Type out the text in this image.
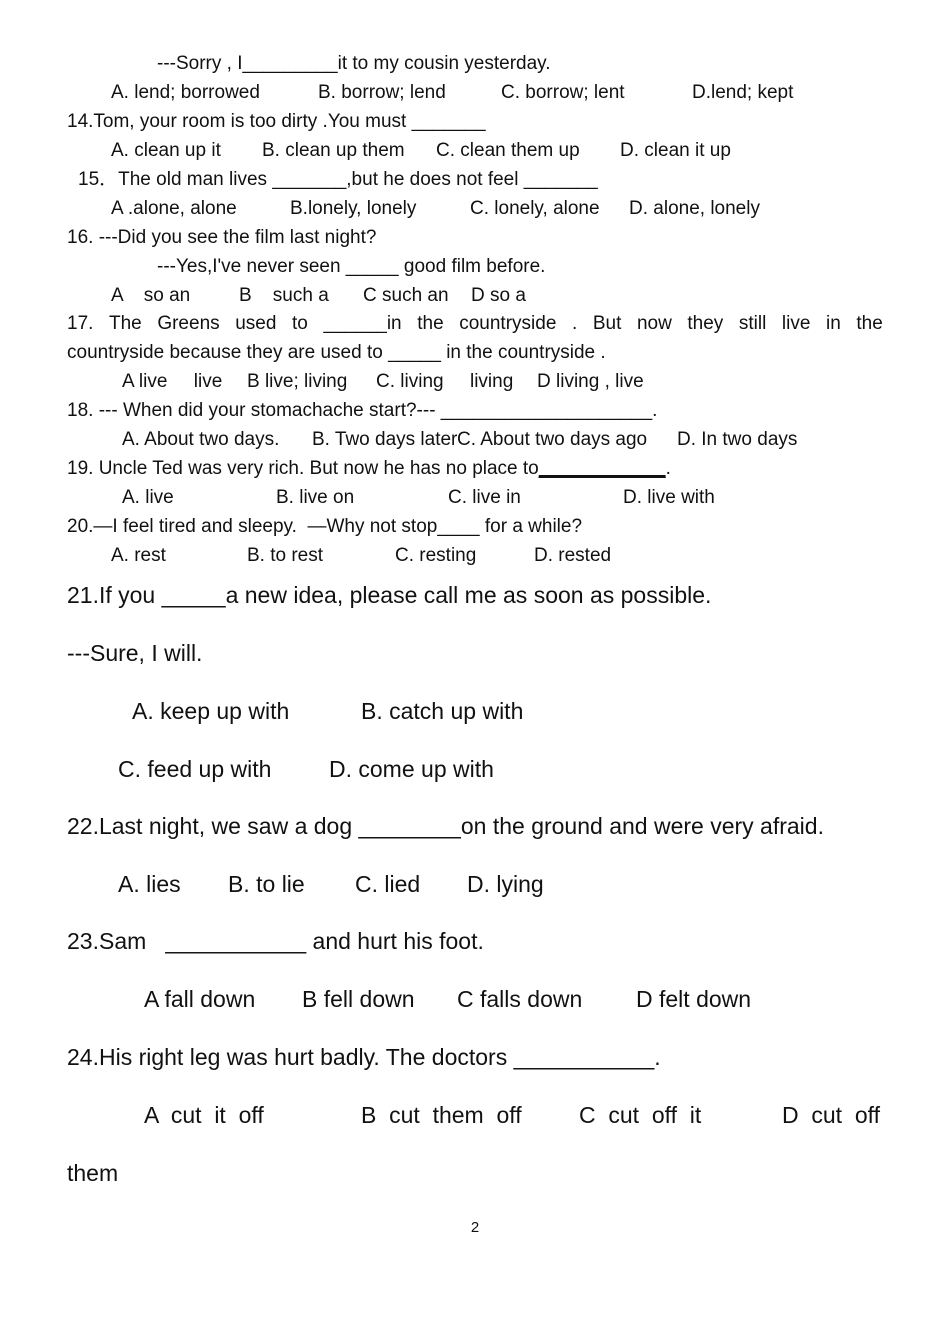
---Sorry , I_________it to my cousin yesterday.
A. lend; borrowed	B. borrow; lend	C. borrow; lent	D.lend; kept
14.Tom, your room is too dirty .You must _______
A. clean up it B. clean up them C. clean them up D. clean it up
15．The old man lives _______,but he does not feel _______
A .alone, alone	B.lonely, lonely	C. lonely, alone D. alone, lonely
16. ---Did you see the film last night?
---Yes,I've never seen _____ good film before.
A    so an	B    such a C such an D so a
17. The Greens used to ______in the countryside . But now they still live in the
countryside because they are used to _____ in the countryside .
A live     live B live; living C. living     living D living , live
18. --- When did your stomachache start?--- ____________________.
A. About two days. B. Two days later C. About two days ago D. In two days
19. Uncle Ted was very rich. But now he has no place to____________.
A. live	B. live on	C. live in	D. live with
20.—I feel tired and sleepy.  —Why not stop____ for a while?
A. rest	B. to rest	C. resting	D. rested
21.If you _____a new idea, please call me as soon as possible.
---Sure, I will.
A. keep up with	B. catch up with
C. feed up with	D. come up with
22.Last night, we saw a dog ________on the ground and were very afraid.
A. lies B. to lie C. lied D. lying
23.Sam   ___________ and hurt his foot.
A fall down B fell down C falls down D felt down
24.His right leg was hurt badly. The doctors ___________.
A  cut  it  off	B  cut  them  off C  cut  off  it	D  cut  off
them
2
